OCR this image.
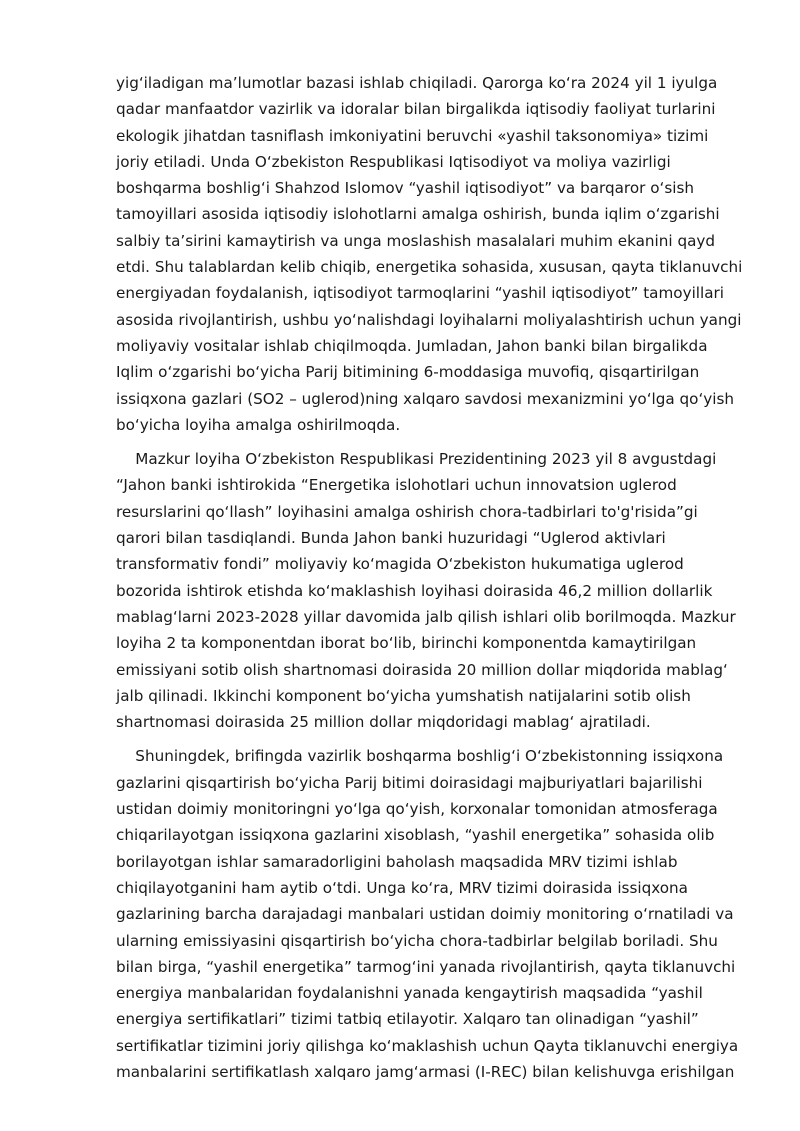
yig‘iladigan ma’lumotlar bazasi ishlab chiqiladi. Qarorga ko‘ra 2024 yil 1 iyulga
qadar manfaatdor vazirlik va idoralar bilan birgalikda iqtisodiy faoliyat turlarini
ekologik jihatdan tasniflash imkoniyatini beruvchi «yashil taksonomiya» tizimi
joriy etiladi. Unda O‘zbekiston Respublikasi Iqtisodiyot va moliya vazirligi
boshqarma boshlig‘i Shahzod Islomov “yashil iqtisodiyot” va barqaror o‘sish
tamoyillari asosida iqtisodiy islohotlarni amalga oshirish, bunda iqlim o‘zgarishi
salbiy ta’sirini kamaytirish va unga moslashish masalalari muhim ekanini qayd
etdi. Shu talablardan kelib chiqib, energetika sohasida, xususan, qayta tiklanuvchi
energiyadan foydalanish, iqtisodiyot tarmoqlarini “yashil iqtisodiyot” tamoyillari
asosida rivojlantirish, ushbu yo‘nalishdagi loyihalarni moliyalashtirish uchun yangi
moliyaviy vositalar ishlab chiqilmoqda. Jumladan, Jahon banki bilan birgalikda
Iqlim o‘zgarishi bo‘yicha Parij bitimining 6-moddasiga muvofiq, qisqartirilgan
issiqxona gazlari (SO2 – uglerod)ning xalqaro savdosi mexanizmini yo‘lga qo‘yish
bo‘yicha loyiha amalga oshirilmoqda.

Mazkur loyiha O‘zbekiston Respublikasi Prezidentining 2023 yil 8 avgustdagi
“Jahon banki ishtirokida “Energetika islohotlari uchun innovatsion uglerod
resurslarini qo‘llash” loyihasini amalga oshirish chora-tadbirlari to'g'risida”gi
qarori bilan tasdiqlandi. Bunda Jahon banki huzuridagi “Uglerod aktivlari
transformativ fondi” moliyaviy ko‘magida O‘zbekiston hukumatiga uglerod
bozorida ishtirok etishda ko‘maklashish loyihasi doirasida 46,2 million dollarlik
mablag‘larni 2023-2028 yillar davomida jalb qilish ishlari olib borilmoqda. Mazkur
loyiha 2 ta komponentdan iborat bo‘lib, birinchi komponentda kamaytirilgan
emissiyani sotib olish shartnomasi doirasida 20 million dollar miqdorida mablag‘
jalb qilinadi. Ikkinchi komponent bo‘yicha yumshatish natijalarini sotib olish
shartnomasi doirasida 25 million dollar miqdoridagi mablag‘ ajratiladi.

Shuningdek, brifingda vazirlik boshqarma boshlig‘i O‘zbekistonning issiqxona
gazlarini qisqartirish bo‘yicha Parij bitimi doirasidagi majburiyatlari bajarilishi
ustidan doimiy monitoringni yo‘lga qo‘yish, korxonalar tomonidan atmosferaga
chiqarilayotgan issiqxona gazlarini xisoblash, “yashil energetika” sohasida olib
borilayotgan ishlar samaradorligini baholash maqsadida MRV tizimi ishlab
chiqilayotganini ham aytib o‘tdi. Unga ko‘ra, MRV tizimi doirasida issiqxona
gazlarining barcha darajadagi manbalari ustidan doimiy monitoring o‘rnatiladi va
ularning emissiyasini qisqartirish bo‘yicha chora-tadbirlar belgilab boriladi. Shu
bilan birga, “yashil energetika” tarmog‘ini yanada rivojlantirish, qayta tiklanuvchi
energiya manbalaridan foydalanishni yanada kengaytirish maqsadida “yashil
energiya sertifikatlari” tizimi tatbiq etilayotir. Xalqaro tan olinadigan “yashil”
sertifikatlar tizimini joriy qilishga ko‘maklashish uchun Qayta tiklanuvchi energiya
manbalarini sertifikatlash xalqaro jamg‘armasi (I-REC) bilan kelishuvga erishilgan
